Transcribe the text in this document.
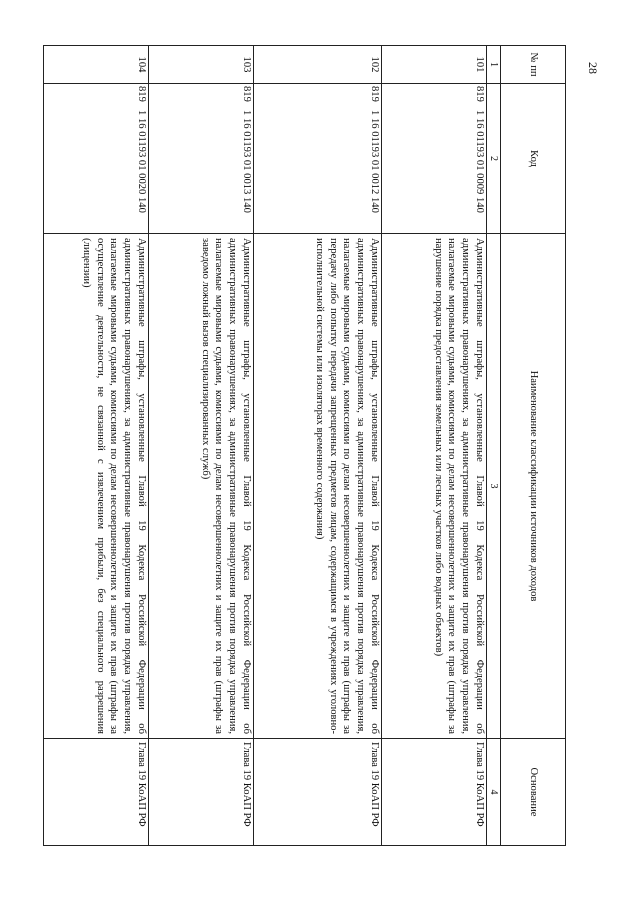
28
№ пп	Код	Наименование классификации источников доходов	Основание
1	2	3	4
101	8191 16 01193 01 0009 140	Административные штрафы, установленные Главой 19 Кодекса Российской Федерации об административных правонарушениях, за административные правонарушения против порядка управления, налагаемые мировыми судьями, комиссиями по делам несовершеннолетних и защите их прав (штрафы за нарушение порядка предоставления земельных или лесных участков либо водных объектов)	Глава 19 КоАП РФ
102	8191 16 01193 01 0012 140	Административные штрафы, установленные Главой 19 Кодекса Российской Федерации об административных правонарушениях, за административные правонарушения против порядка управления, налагаемые мировыми судьями, комиссиями по делам несовершеннолетних и защите их прав (штрафы за передачу либо попытку передачи запрещенных предметов лицам, содержащимся в учреждениях уголовно-исполнительной системы или изоляторах временного содержания)	Глава 19 КоАП РФ
103	8191 16 01193 01 0013 140	Административные штрафы, установленные Главой 19 Кодекса Российской Федерации об административных правонарушениях, за административные правонарушения против порядка управления, налагаемые мировыми судьями, комиссиями по делам несовершеннолетних и защите их прав (штрафы за заведомо ложный вызов специализированных служб)	Глава 19 КоАП РФ
104	8191 16 01193 01 0020 140	Административные штрафы, установленные Главой 19 Кодекса Российской Федерации об административных правонарушениях, за административные правонарушения против порядка управления, налагаемые мировыми судьями, комиссиями по делам несовершеннолетних и защите их прав (штрафы за осуществление деятельности, не связанной с извлечением прибыли, без специального разрешения (лицензии)	Глава 19 КоАП РФ
